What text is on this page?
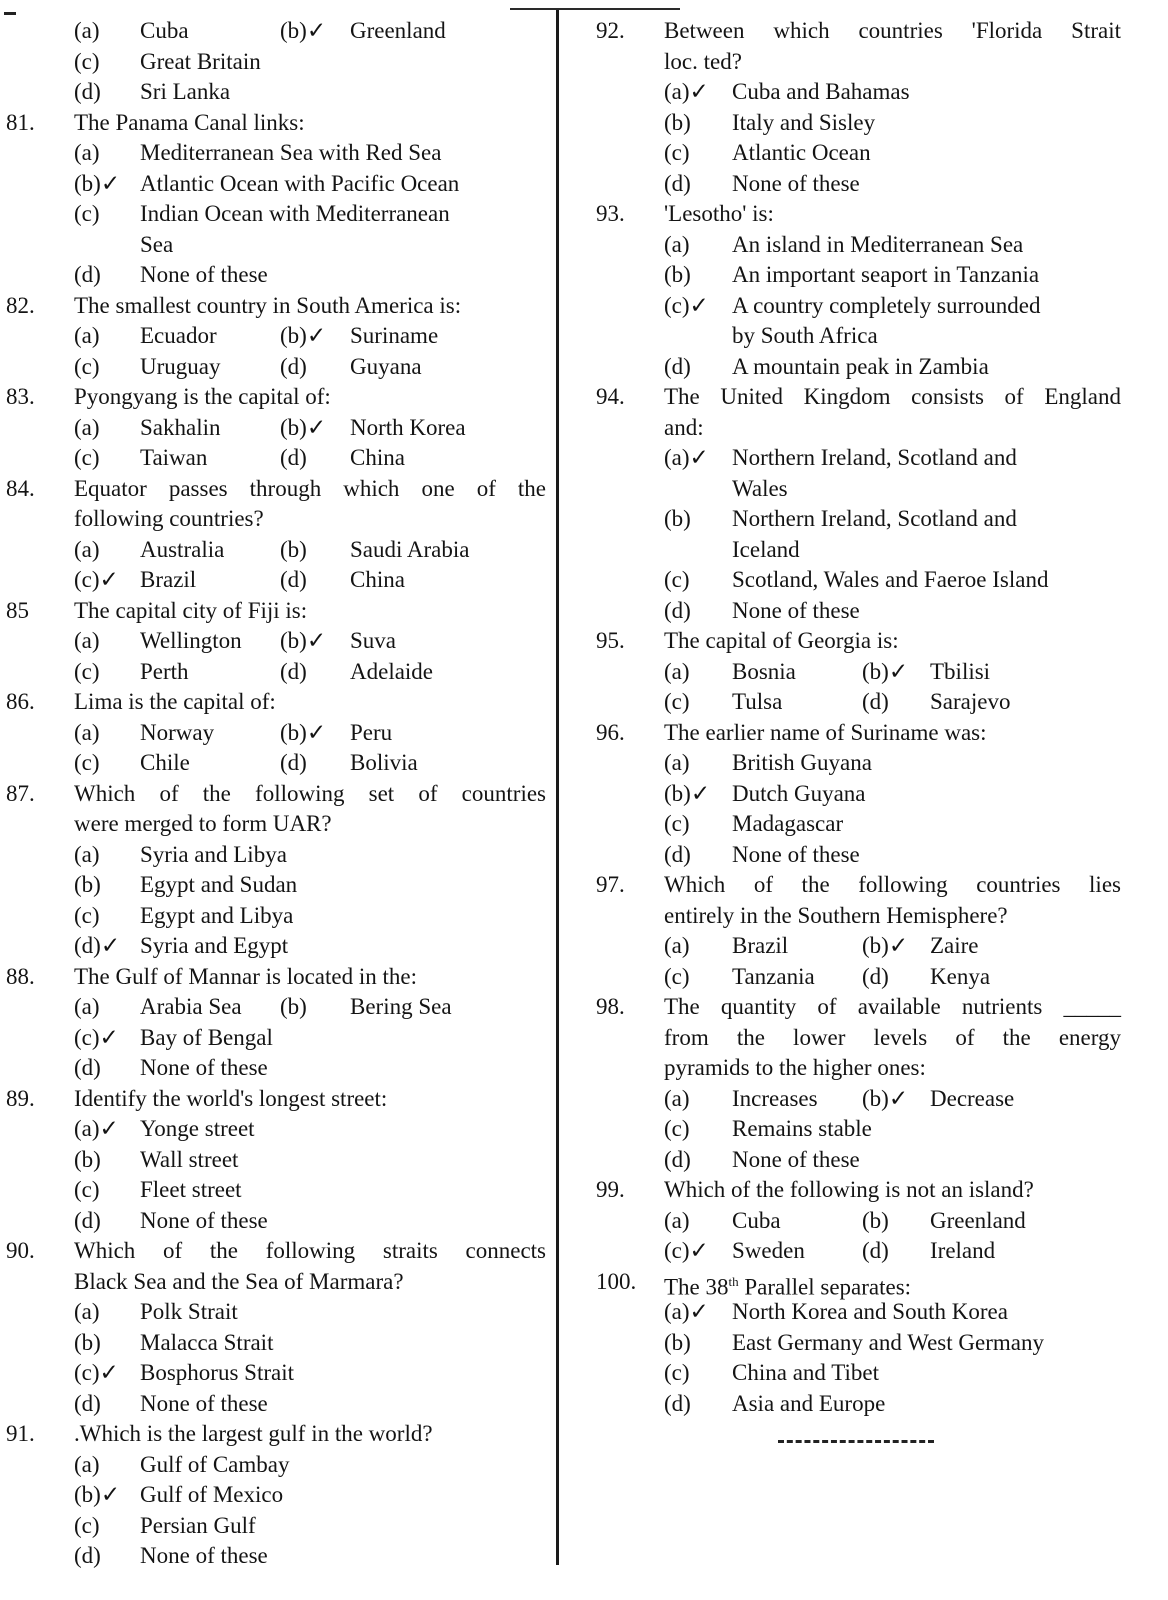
(a)	Cuba	(b)✓	Greenland
(c)	Great Britain
(d)	Sri Lanka
81.	The Panama Canal links:
(a)	Mediterranean Sea with Red Sea
(b)✓ Atlantic Ocean with Pacific Ocean
(c)	Indian Ocean with Mediterranean
Sea
(d)	None of these
82.	The smallest country in South America is:
(a)	Ecuador	(b)✓	Suriname
(c)	Uruguay	(d)	Guyana
83.	Pyongyang is the capital of:
(a)	Sakhalin	(b)✓	North Korea
(c)	Taiwan	(d)	China
84.	Equator passes through which one of the
following countries?
(a)	Australia	(b)	Saudi Arabia
(c)✓ Brazil	(d)	China
85	The capital city of Fiji is:
(a)	Wellington	(b)✓	Suva
(c)	Perth	(d)	Adelaide
86.	Lima is the capital of:
(a)	Norway	(b)✓	Peru
(c)	Chile	(d)	Bolivia
87.	Which of the following set of countries
were merged to form UAR?
(a)	Syria and Libya
(b)	Egypt and Sudan
(c)	Egypt and Libya
(d)✓ Syria and Egypt
88.	The Gulf of Mannar is located in the:
(a)	Arabia Sea	(b)	Bering Sea
(c)✓ Bay of Bengal
(d)	None of these
89.	Identify the world's longest street:
(a)✓ Yonge street
(b)	Wall street
(c)	Fleet street
(d)	None of these
90.	Which of the following straits connects
Black Sea and the Sea of Marmara?
(a)	Polk Strait
(b)	Malacca Strait
(c)✓ Bosphorus Strait
(d)	None of these
91.	.Which is the largest gulf in the world?
(a)	Gulf of Cambay
(b)✓ Gulf of Mexico
(c)	Persian Gulf
(d)	None of these
92.	Between which countries 'Florida Strait
loc. ted?
(a)✓	Cuba and Bahamas
(b)	Italy and Sisley
(c)	Atlantic Ocean
(d)	None of these
93.	'Lesotho' is:
(a)	An island in Mediterranean Sea
(b)	An important seaport in Tanzania
(c)✓	A country completely surrounded
by South Africa
(d)	A mountain peak in Zambia
94.	The United Kingdom consists of England
and:
(a)✓	Northern Ireland, Scotland and
Wales
(b)	Northern Ireland, Scotland and
Iceland
(c)	Scotland, Wales and Faeroe Island
(d)	None of these
95.	The capital of Georgia is:
(a)	Bosnia	(b)✓ Tbilisi
(c)	Tulsa	(d)	Sarajevo
96.	The earlier name of Suriname was:
(a)	British Guyana
(b)✓ Dutch Guyana
(c)	Madagascar
(d)	None of these
97.	Which of the following countries lies
entirely in the Southern Hemisphere?
(a)	Brazil	(b)✓ Zaire
(c)	Tanzania	(d)	Kenya
98.	The quantity of available nutrients _____
from the lower levels of the energy
pyramids to the higher ones:
(a)	Increases	(b)✓ Decrease
(c)	Remains stable
(d)	None of these
99.	Which of the following is not an island?
(a)	Cuba	(b)	Greenland
(c)✓	Sweden	(d)	Ireland
100.	The 38th Parallel separates:
(a)✓	North Korea and South Korea
(b)	East Germany and West Germany
(c)	China and Tibet
(d)	Asia and Europe
